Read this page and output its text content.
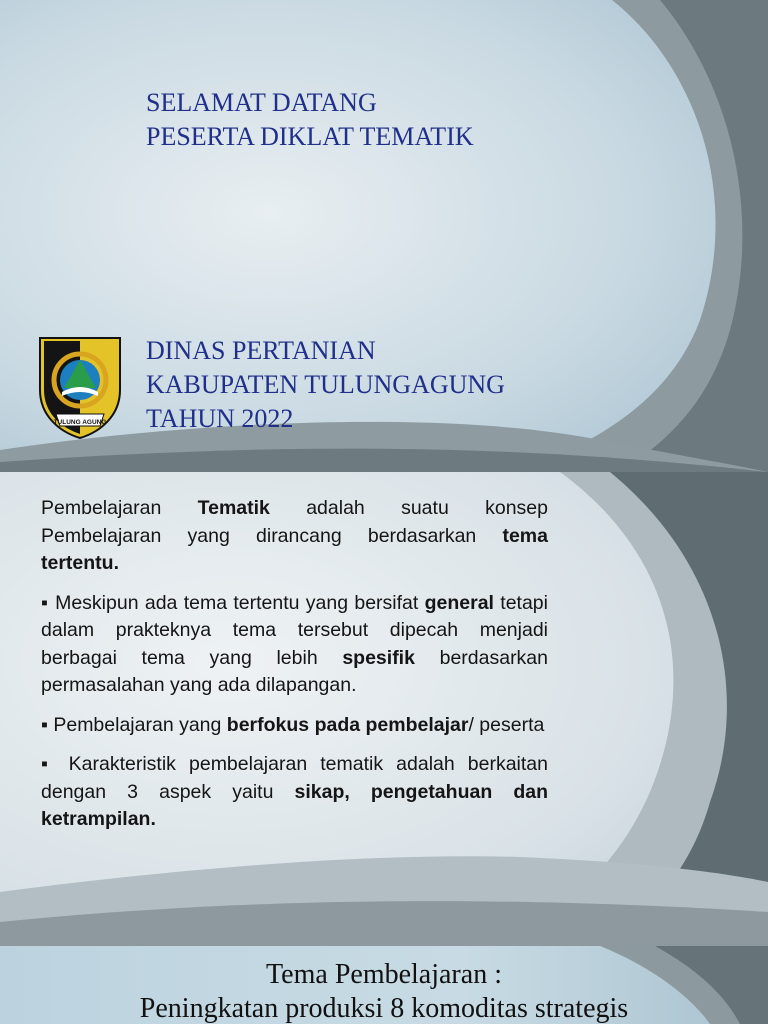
SELAMAT DATANG
PESERTA DIKLAT TEMATIK
TULUNG AGUNG
DINAS PERTANIAN
KABUPATEN TULUNGAGUNG
TAHUN 2022

Pembelajaran Tematik adalah suatu konsep Pembelajaran yang dirancang berdasarkan tema tertentu.

▪ Meskipun ada tema tertentu yang bersifat general tetapi dalam prakteknya tema tersebut dipecah menjadi berbagai tema yang lebih spesifik berdasarkan permasalahan yang ada dilapangan.

▪ Pembelajaran yang berfokus pada pembelajar/ peserta

▪ Karakteristik pembelajaran tematik adalah berkaitan dengan 3 aspek yaitu sikap, pengetahuan dan ketrampilan.

Tema Pembelajaran :
Peningkatan produksi 8 komoditas strategis
